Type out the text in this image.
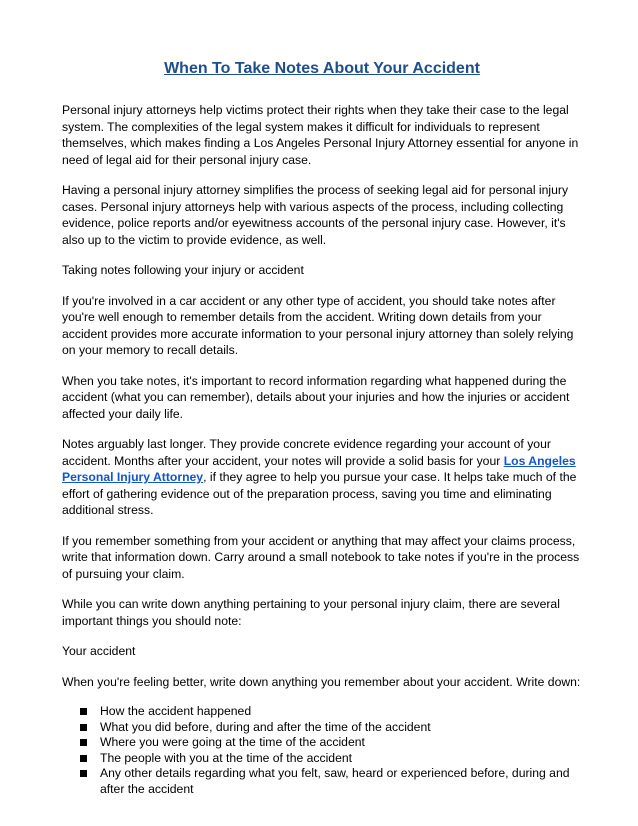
When To Take Notes About Your Accident

Personal injury attorneys help victims protect their rights when they take their case to the legal system. The complexities of the legal system makes it difficult for individuals to represent themselves, which makes finding a Los Angeles Personal Injury Attorney essential for anyone in need of legal aid for their personal injury case.

Having a personal injury attorney simplifies the process of seeking legal aid for personal injury cases. Personal injury attorneys help with various aspects of the process, including collecting evidence, police reports and/or eyewitness accounts of the personal injury case. However, it's also up to the victim to provide evidence, as well.

Taking notes following your injury or accident

If you're involved in a car accident or any other type of accident, you should take notes after you're well enough to remember details from the accident. Writing down details from your accident provides more accurate information to your personal injury attorney than solely relying on your memory to recall details.

When you take notes, it's important to record information regarding what happened during the accident (what you can remember), details about your injuries and how the injuries or accident affected your daily life.

Notes arguably last longer. They provide concrete evidence regarding your account of your accident. Months after your accident, your notes will provide a solid basis for your Los Angeles Personal Injury Attorney, if they agree to help you pursue your case. It helps take much of the effort of gathering evidence out of the preparation process, saving you time and eliminating additional stress.

If you remember something from your accident or anything that may affect your claims process, write that information down. Carry around a small notebook to take notes if you're in the process of pursuing your claim.

While you can write down anything pertaining to your personal injury claim, there are several important things you should note:

Your accident

When you're feeling better, write down anything you remember about your accident. Write down:

How the accident happened
What you did before, during and after the time of the accident
Where you were going at the time of the accident
The people with you at the time of the accident
Any other details regarding what you felt, saw, heard or experienced before, during and after the accident
